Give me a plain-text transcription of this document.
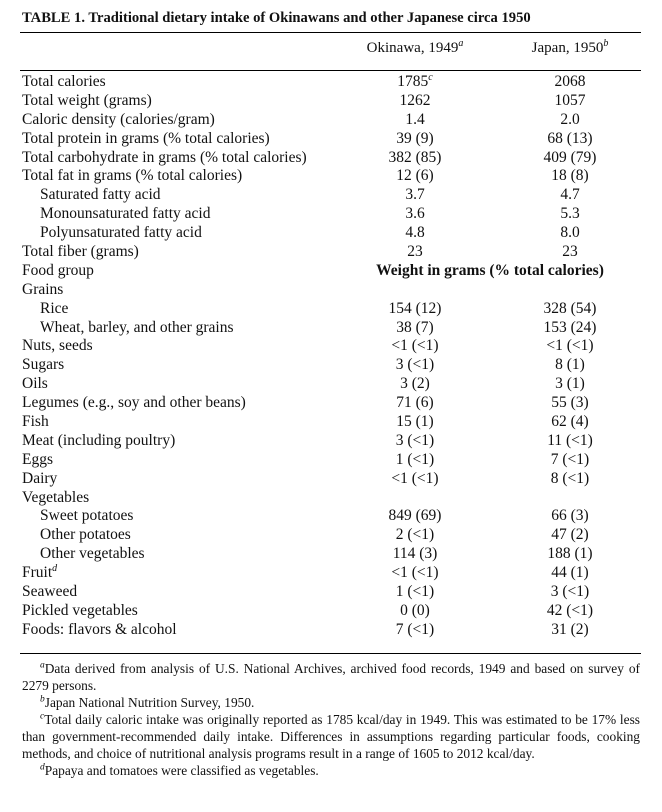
TABLE 1. Traditional dietary intake of Okinawans and other Japanese circa 1950
Okinawa, 1949$^a$	Japan, 1950$^b$
Total calories	1785$^c$	2068
Total weight (grams)	1262	1057
Caloric density (calories/gram)	1.4	2.0
Total protein in grams (% total calories)	39 (9)	68 (13)
Total carbohydrate in grams (% total calories)	382 (85)	409 (79)
Total fat in grams (% total calories)	12 (6)	18 (8)
Saturated fatty acid	3.7	4.7
Monounsaturated fatty acid	3.6	5.3
Polyunsaturated fatty acid	4.8	8.0
Total fiber (grams)	23	23
Food group	Weight in grams (% total calories)
Grains
Rice	154 (12)	328 (54)
Wheat, barley, and other grains	38 (7)	153 (24)
Nuts, seeds	<1 (<1)	<1 (<1)
Sugars	3 (<1)	8 (1)
Oils	3 (2)	3 (1)
Legumes (e.g., soy and other beans)	71 (6)	55 (3)
Fish	15 (1)	62 (4)
Meat (including poultry)	3 (<1)	11 (<1)
Eggs	1 (<1)	7 (<1)
Dairy	<1 (<1)	8 (<1)
Vegetables
Sweet potatoes	849 (69)	66 (3)
Other potatoes	2 (<1)	47 (2)
Other vegetables	114 (3)	188 (1)
Fruit$^d$	<1 (<1)	44 (1)
Seaweed	1 (<1)	3 (<1)
Pickled vegetables	0 (0)	42 (<1)
Foods: flavors & alcohol	7 (<1)	31 (2)

$^a$Data derived from analysis of U.S. National Archives, archived food records, 1949 and based on survey of 2279 persons.

$^b$Japan National Nutrition Survey, 1950.

$^c$Total daily caloric intake was originally reported as 1785 kcal/day in 1949. This was estimated to be 17% less than government-recommended daily intake. Differences in assumptions regarding particular foods, cooking methods, and choice of nutritional analysis programs result in a range of 1605 to 2012 kcal/day.

$^d$Papaya and tomatoes were classified as vegetables.
